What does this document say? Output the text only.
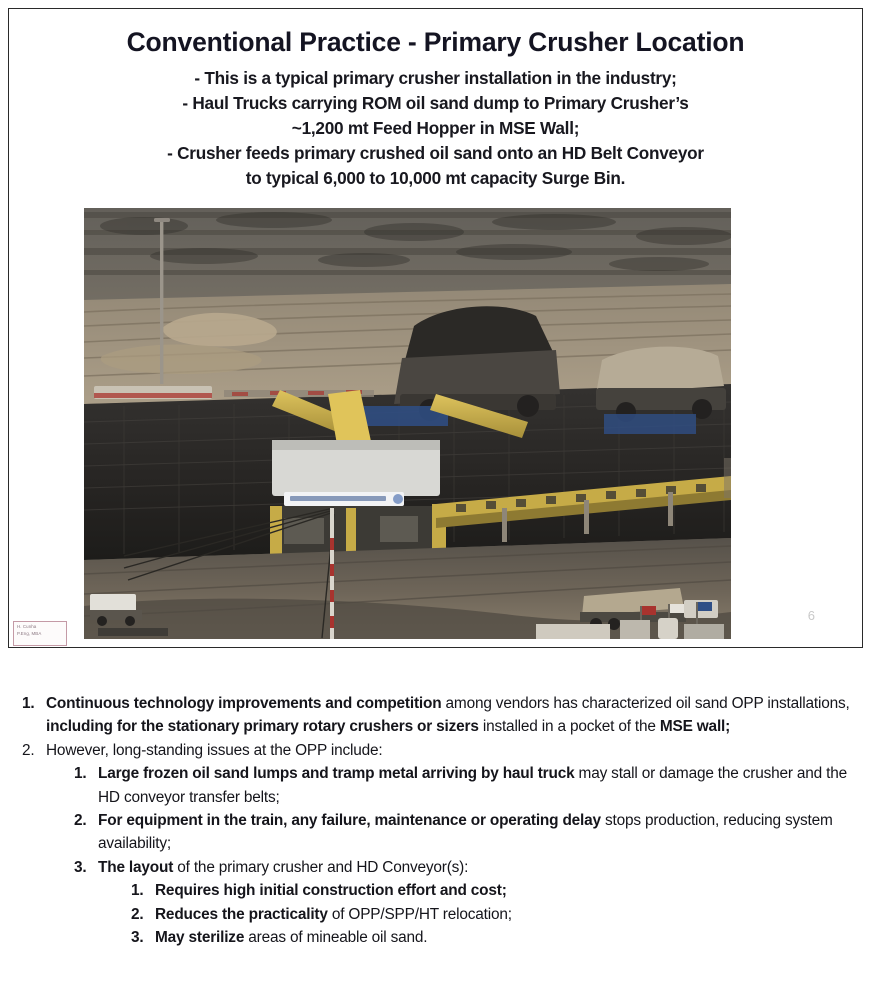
Conventional Practice - Primary Crusher Location
- This is a typical primary crusher installation in the industry;
- Haul Trucks carrying ROM oil sand dump to Primary Crusher’s
~1,200 mt Feed Hopper in MSE Wall;
- Crusher feeds primary crushed oil sand onto an HD Belt Conveyor
to typical 6,000 to 10,000 mt capacity Surge Bin.
H. Cunha
P.Eng, MBA
6
1. Continuous technology improvements and competition among vendors has characterized oil sand OPP installations, including for the stationary primary rotary crushers or sizers installed in a pocket of the MSE wall;
2. However, long-standing issues at the OPP include:
1. Large frozen oil sand lumps and tramp metal arriving by haul truck may stall or damage the crusher and the HD conveyor transfer belts;
2. For equipment in the train, any failure, maintenance or operating delay stops production, reducing system availability;
3. The layout of the primary crusher and HD Conveyor(s):
1. Requires high initial construction effort and cost;
2. Reduces the practicality of OPP/SPP/HT relocation;
3. May sterilize areas of mineable oil sand.
